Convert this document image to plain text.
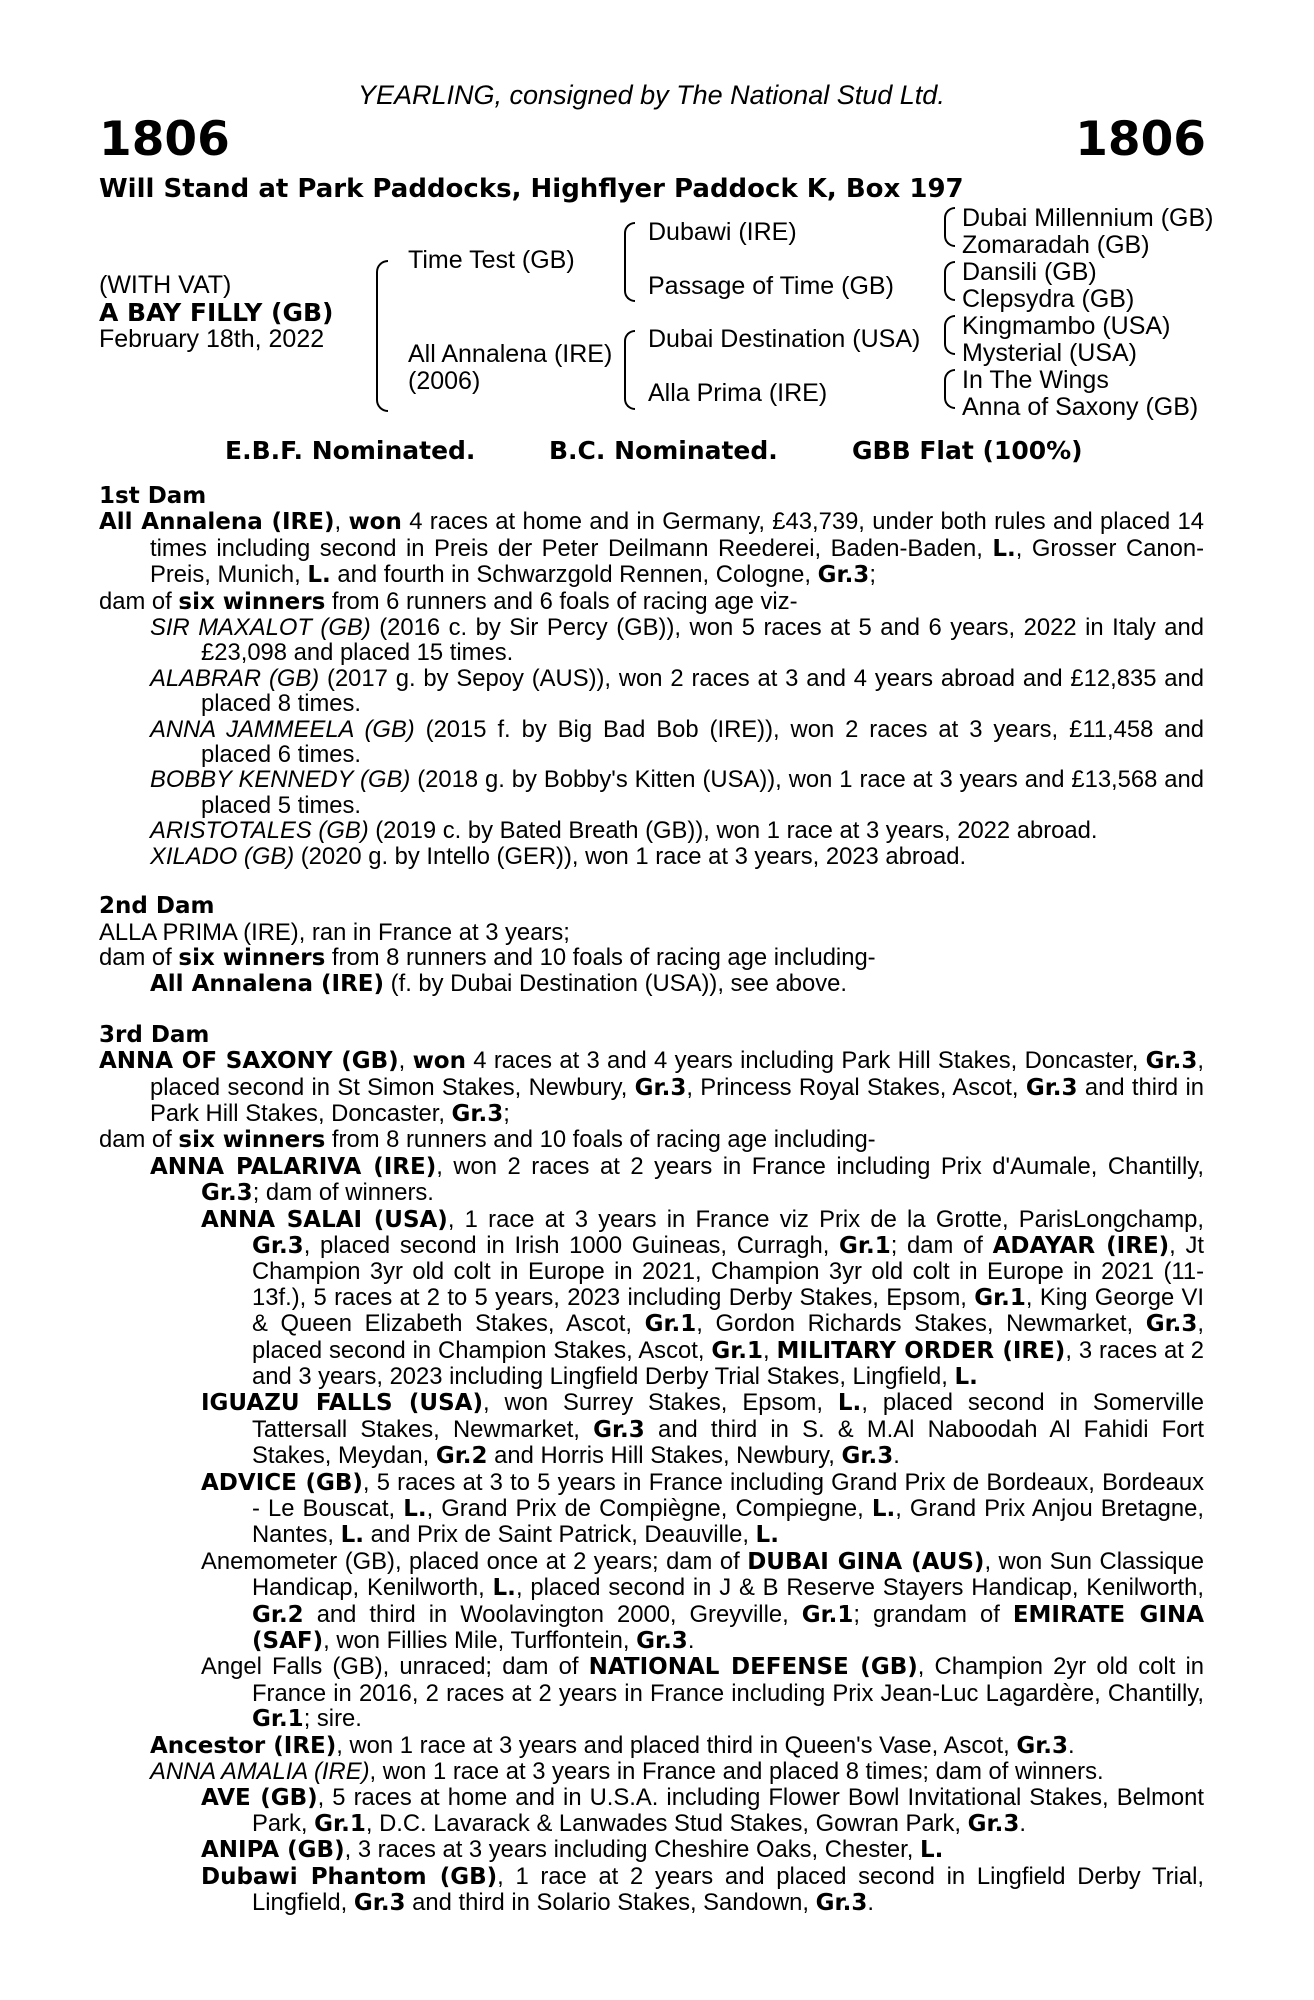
YEARLING, consigned by The National Stud Ltd.
1806	1806
Will Stand at Park Paddocks, Highflyer Paddock K, Box 197
(WITH VAT)
A BAY FILLY (GB)
February 18th, 2022
Time Test (GB)
All Annalena (IRE)
(2006)
Dubawi (IRE)
Passage of Time (GB)
Dubai Destination (USA)
Alla Prima (IRE)
Dubai Millennium (GB)
Zomaradah (GB)
Dansili (GB)
Clepsydra (GB)
Kingmambo (USA)
Mysterial (USA)
In The Wings
Anna of Saxony (GB)
E.B.F. Nominated.	B.C. Nominated.	GBB Flat (100%)

1st Dam

All Annalena (IRE), won 4 races at home and in Germany, £43,739, under both rules and placed 14 times including second in Preis der Peter Deilmann Reederei, Baden-Baden, L., Grosser Canon-Preis, Munich, L. and fourth in Schwarzgold Rennen, Cologne, Gr.3;

dam of six winners from 6 runners and 6 foals of racing age viz-

SIR MAXALOT (GB) (2016 c. by Sir Percy (GB)), won 5 races at 5 and 6 years, 2022 in Italy and £23,098 and placed 15 times.

ALABRAR (GB) (2017 g. by Sepoy (AUS)), won 2 races at 3 and 4 years abroad and £12,835 and placed 8 times.

ANNA JAMMEELA (GB) (2015 f. by Big Bad Bob (IRE)), won 2 races at 3 years, £11,458 and placed 6 times.

BOBBY KENNEDY (GB) (2018 g. by Bobby's Kitten (USA)), won 1 race at 3 years and £13,568 and placed 5 times.

ARISTOTALES (GB) (2019 c. by Bated Breath (GB)), won 1 race at 3 years, 2022 abroad.

XILADO (GB) (2020 g. by Intello (GER)), won 1 race at 3 years, 2023 abroad.

2nd Dam

ALLA PRIMA (IRE), ran in France at 3 years;

dam of six winners from 8 runners and 10 foals of racing age including-

All Annalena (IRE) (f. by Dubai Destination (USA)), see above.

3rd Dam

ANNA OF SAXONY (GB), won 4 races at 3 and 4 years including Park Hill Stakes, Doncaster, Gr.3, placed second in St Simon Stakes, Newbury, Gr.3, Princess Royal Stakes, Ascot, Gr.3 and third in Park Hill Stakes, Doncaster, Gr.3;

dam of six winners from 8 runners and 10 foals of racing age including-

ANNA PALARIVA (IRE), won 2 races at 2 years in France including Prix d'Aumale, Chantilly, Gr.3; dam of winners.

ANNA SALAI (USA), 1 race at 3 years in France viz Prix de la Grotte, ParisLongchamp, Gr.3, placed second in Irish 1000 Guineas, Curragh, Gr.1; dam of ADAYAR (IRE), Jt Champion 3yr old colt in Europe in 2021, Champion 3yr old colt in Europe in 2021 (11-13f.), 5 races at 2 to 5 years, 2023 including Derby Stakes, Epsom, Gr.1, King George VI & Queen Elizabeth Stakes, Ascot, Gr.1, Gordon Richards Stakes, Newmarket, Gr.3, placed second in Champion Stakes, Ascot, Gr.1, MILITARY ORDER (IRE), 3 races at 2 and 3 years, 2023 including Lingfield Derby Trial Stakes, Lingfield, L.

IGUAZU FALLS (USA), won Surrey Stakes, Epsom, L., placed second in Somerville Tattersall Stakes, Newmarket, Gr.3 and third in S. & M.Al Naboodah Al Fahidi Fort Stakes, Meydan, Gr.2 and Horris Hill Stakes, Newbury, Gr.3.

ADVICE (GB), 5 races at 3 to 5 years in France including Grand Prix de Bordeaux, Bordeaux - Le Bouscat, L., Grand Prix de Compiègne, Compiegne, L., Grand Prix Anjou Bretagne, Nantes, L. and Prix de Saint Patrick, Deauville, L.

Anemometer (GB), placed once at 2 years; dam of DUBAI GINA (AUS), won Sun Classique Handicap, Kenilworth, L., placed second in J & B Reserve Stayers Handicap, Kenilworth, Gr.2 and third in Woolavington 2000, Greyville, Gr.1; grandam of EMIRATE GINA (SAF), won Fillies Mile, Turffontein, Gr.3.

Angel Falls (GB), unraced; dam of NATIONAL DEFENSE (GB), Champion 2yr old colt in France in 2016, 2 races at 2 years in France including Prix Jean-Luc Lagardère, Chantilly, Gr.1; sire.

Ancestor (IRE), won 1 race at 3 years and placed third in Queen's Vase, Ascot, Gr.3.

ANNA AMALIA (IRE), won 1 race at 3 years in France and placed 8 times; dam of winners.

AVE (GB), 5 races at home and in U.S.A. including Flower Bowl Invitational Stakes, Belmont Park, Gr.1, D.C. Lavarack & Lanwades Stud Stakes, Gowran Park, Gr.3.

ANIPA (GB), 3 races at 3 years including Cheshire Oaks, Chester, L.

Dubawi Phantom (GB), 1 race at 2 years and placed second in Lingfield Derby Trial, Lingfield, Gr.3 and third in Solario Stakes, Sandown, Gr.3.
